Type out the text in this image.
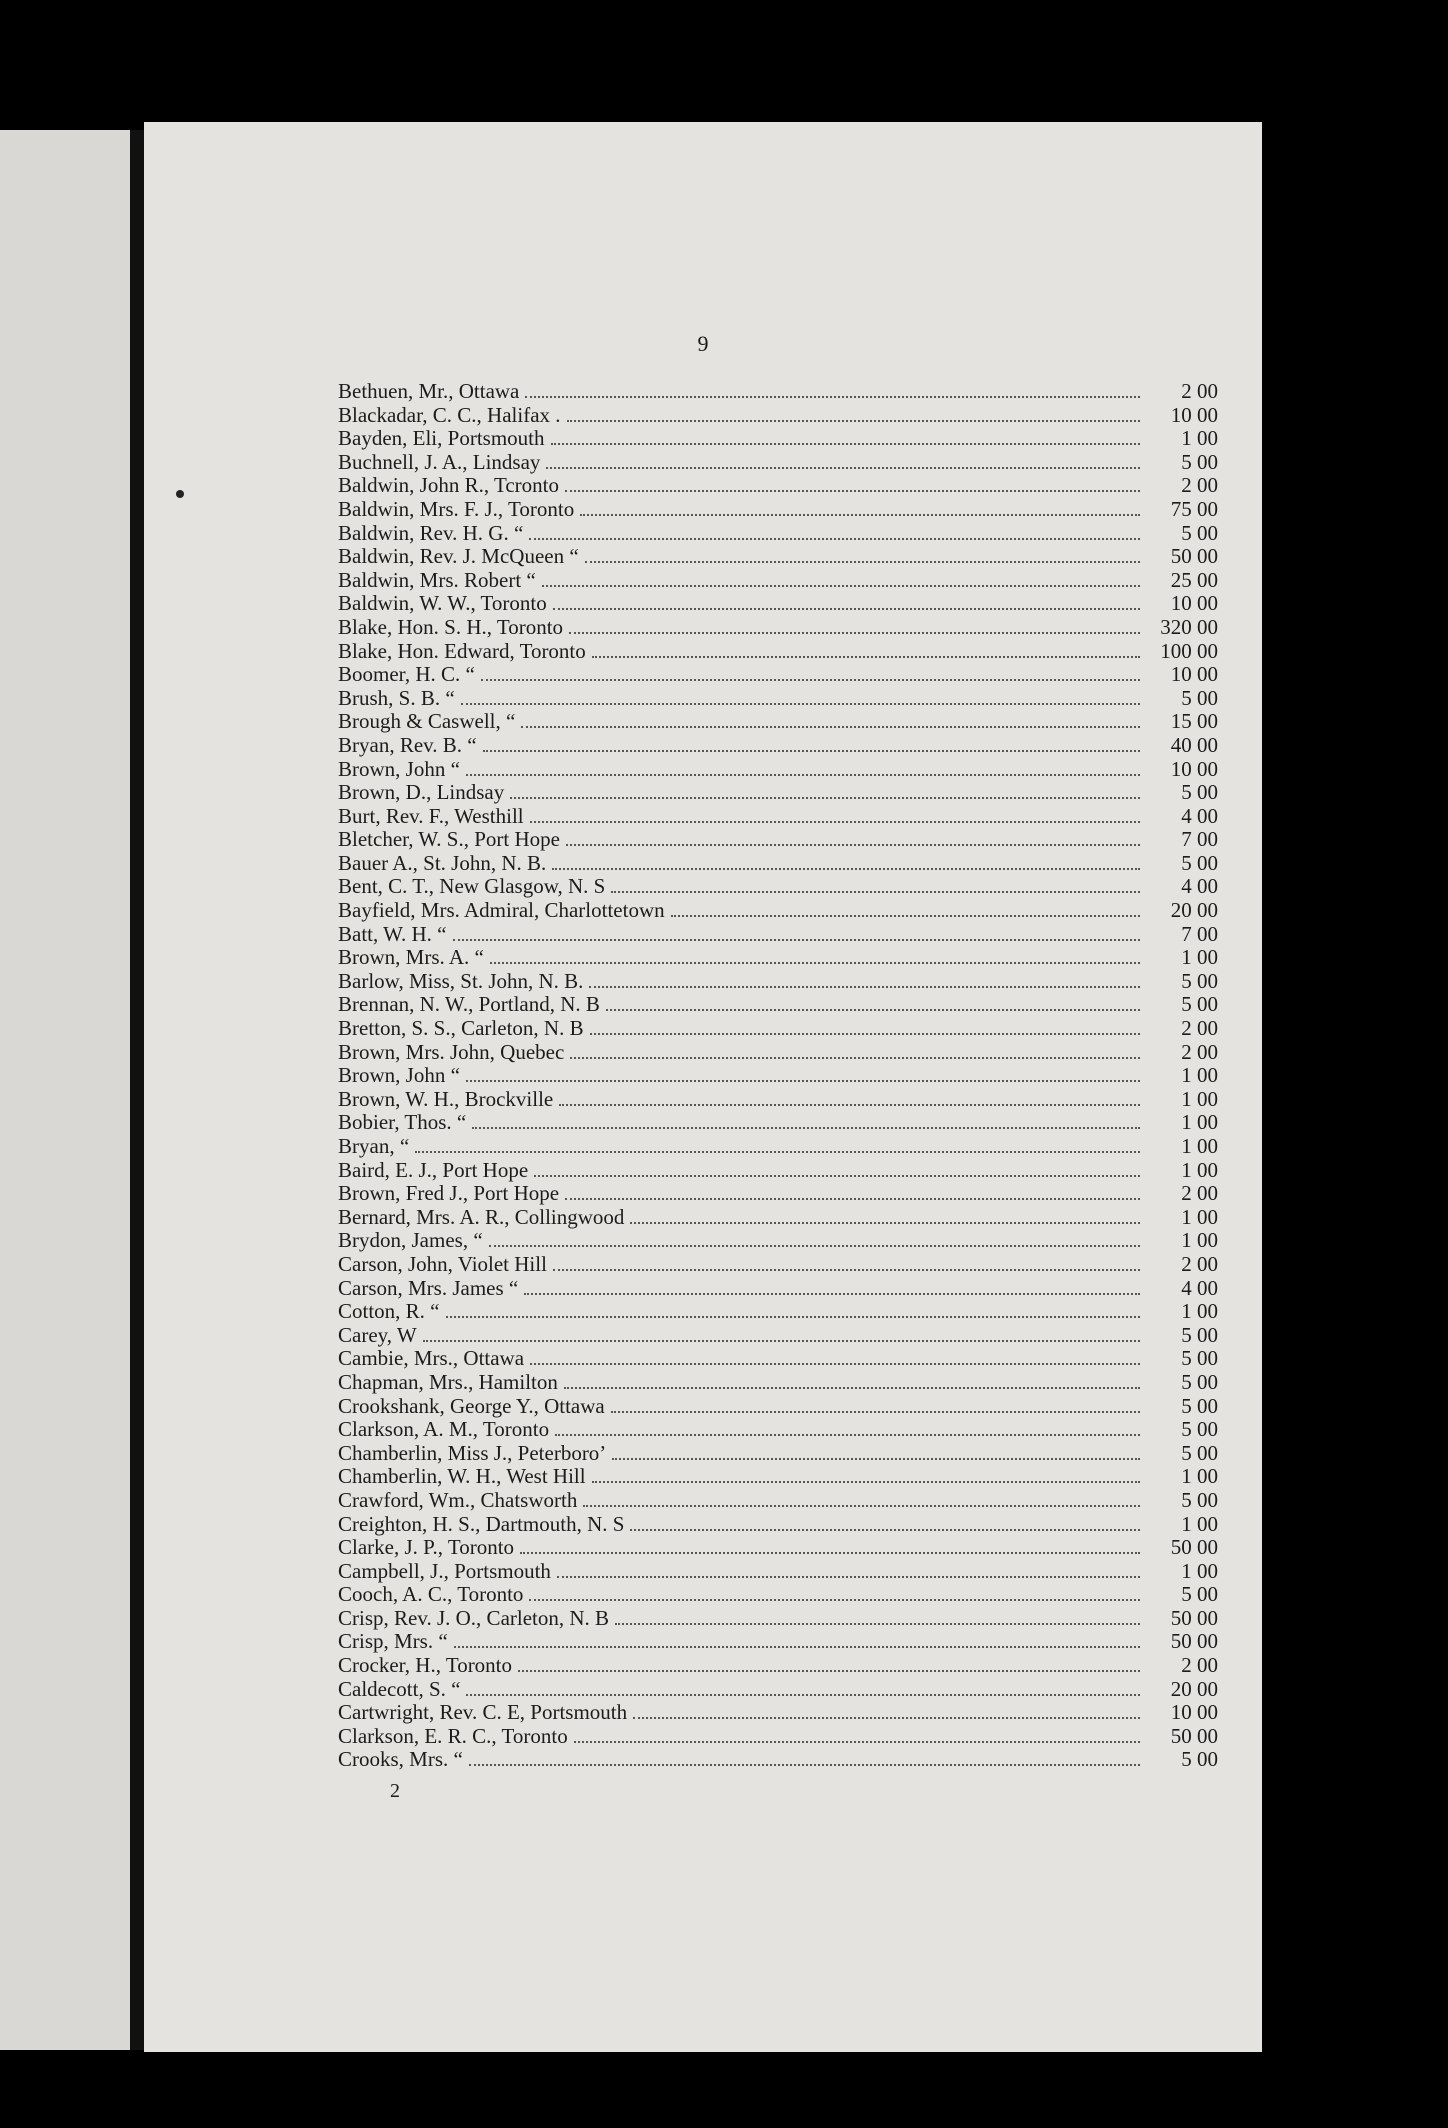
9
Bethuen, Mr., Ottawa	2 00
Blackadar, C. C., Halifax .	10 00
Bayden, Eli, Portsmouth	1 00
Buchnell, J. A., Lindsay	5 00
Baldwin, John R., Tcronto	2 00
Baldwin, Mrs. F. J., Toronto	75 00
Baldwin, Rev. H. G. “	5 00
Baldwin, Rev. J. McQueen “	50 00
Baldwin, Mrs. Robert “	25 00
Baldwin, W. W., Toronto	10 00
Blake, Hon. S. H., Toronto	320 00
Blake, Hon. Edward, Toronto	100 00
Boomer, H. C. “	10 00
Brush, S. B. “	5 00
Brough & Caswell, “	15 00
Bryan, Rev. B. “	40 00
Brown, John “	10 00
Brown, D., Lindsay	5 00
Burt, Rev. F., Westhill	4 00
Bletcher, W. S., Port Hope	7 00
Bauer A., St. John, N. B.	5 00
Bent, C. T., New Glasgow, N. S	4 00
Bayfield, Mrs. Admiral, Charlottetown	20 00
Batt, W. H. “	7 00
Brown, Mrs. A. “	1 00
Barlow, Miss, St. John, N. B.	5 00
Brennan, N. W., Portland, N. B	5 00
Bretton, S. S., Carleton, N. B	2 00
Brown, Mrs. John, Quebec	2 00
Brown, John “	1 00
Brown, W. H., Brockville	1 00
Bobier, Thos. “	1 00
Bryan, “	1 00
Baird, E. J., Port Hope	1 00
Brown, Fred J., Port Hope	2 00
Bernard, Mrs. A. R., Collingwood	1 00
Brydon, James, “	1 00
Carson, John, Violet Hill	2 00
Carson, Mrs. James “	4 00
Cotton, R. “	1 00
Carey, W	5 00
Cambie, Mrs., Ottawa	5 00
Chapman, Mrs., Hamilton	5 00
Crookshank, George Y., Ottawa	5 00
Clarkson, A. M., Toronto	5 00
Chamberlin, Miss J., Peterboro’	5 00
Chamberlin, W. H., West Hill	1 00
Crawford, Wm., Chatsworth	5 00
Creighton, H. S., Dartmouth, N. S	1 00
Clarke, J. P., Toronto	50 00
Campbell, J., Portsmouth	1 00
Cooch, A. C., Toronto	5 00
Crisp, Rev. J. O., Carleton, N. B	50 00
Crisp, Mrs. “	50 00
Crocker, H., Toronto	2 00
Caldecott, S. “	20 00
Cartwright, Rev. C. E, Portsmouth	10 00
Clarkson, E. R. C., Toronto	50 00
Crooks, Mrs. “	5 00
2
